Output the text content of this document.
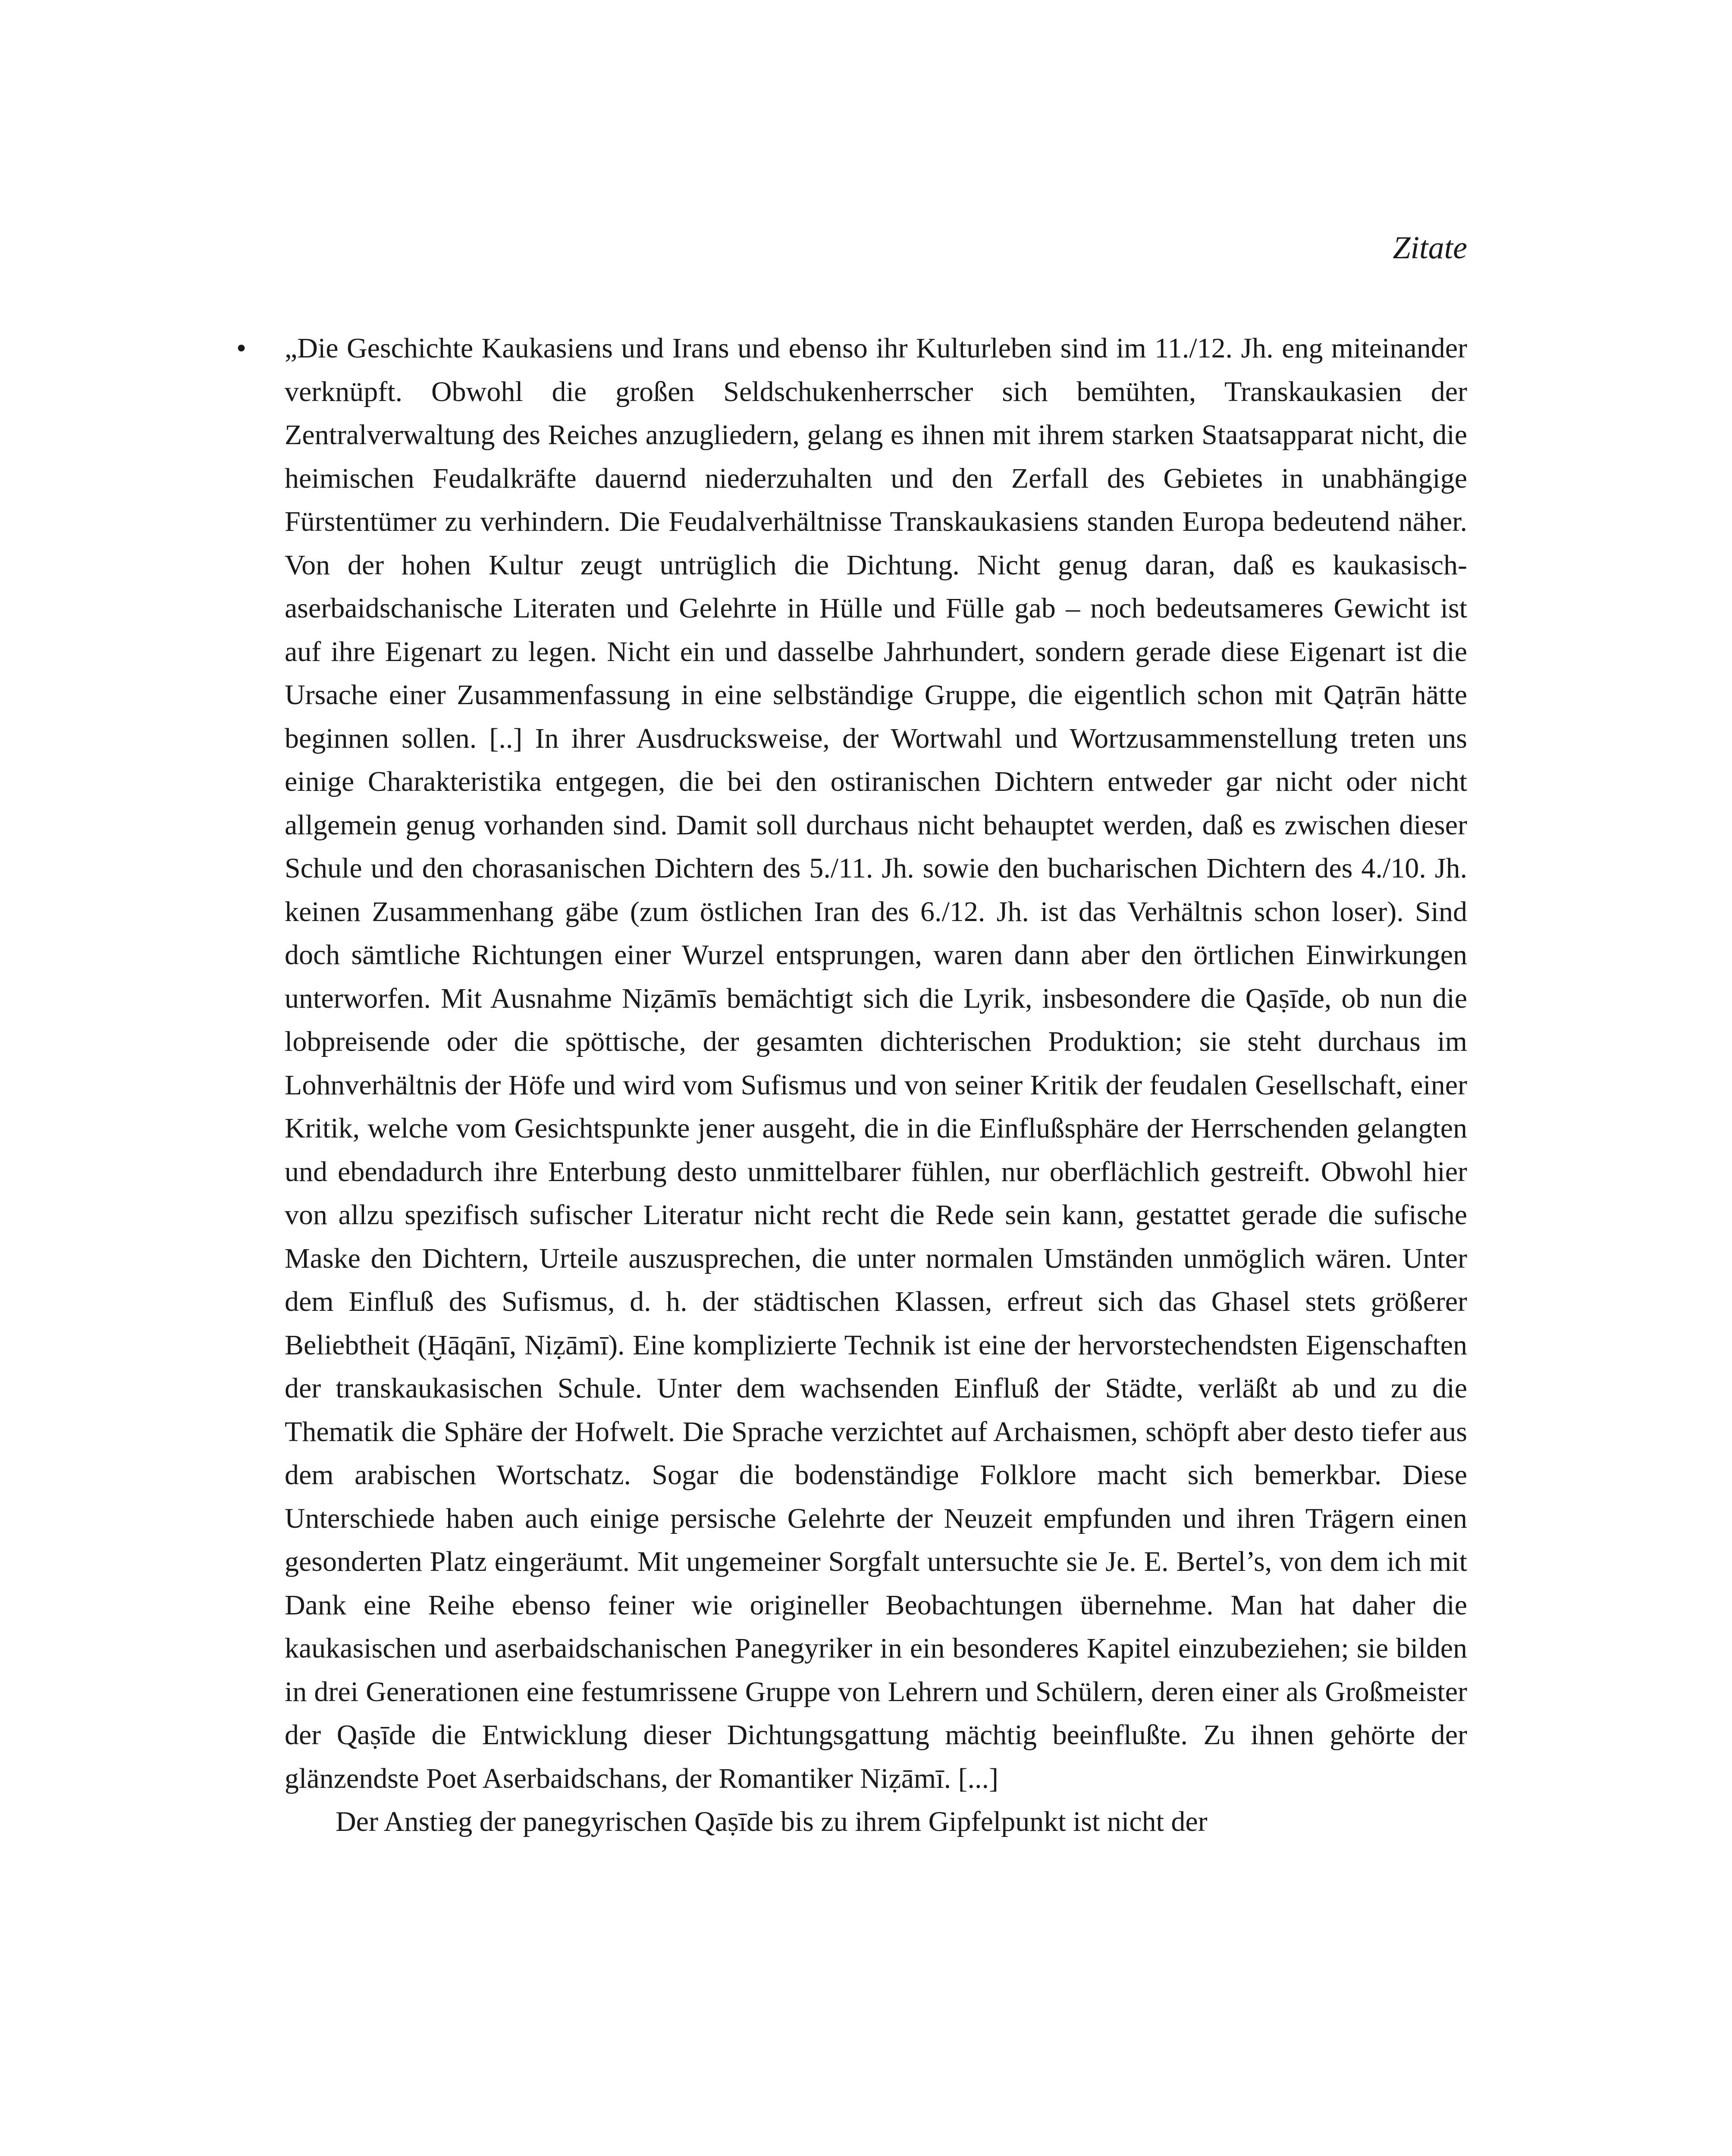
Zitate
• „Die Geschichte Kaukasiens und Irans und ebenso ihr Kulturleben sind im 11./12. Jh. eng miteinander verknüpft. Obwohl die großen Seldschukenherrscher sich bemühten, Transkaukasien der Zentralverwaltung des Reiches anzugliedern, gelang es ihnen mit ihrem starken Staatsapparat nicht, die heimischen Feudalkräfte dauernd niederzuhalten und den Zerfall des Gebietes in unabhängige Fürstentümer zu verhindern. Die Feudalverhältnisse Transkaukasiens standen Europa bedeutend näher. Von der hohen Kultur zeugt untrüglich die Dichtung. Nicht genug daran, daß es kaukasisch-aserbaidschanische Literaten und Gelehrte in Hülle und Fülle gab – noch bedeutsameres Gewicht ist auf ihre Eigenart zu legen. Nicht ein und dasselbe Jahrhundert, sondern gerade diese Eigenart ist die Ursache einer Zusammenfassung in eine selbständige Gruppe, die eigentlich schon mit Qaṭrān hätte beginnen sollen. [..] In ihrer Ausdrucksweise, der Wortwahl und Wortzusammenstellung treten uns einige Charakteristika entgegen, die bei den ostiranischen Dichtern entweder gar nicht oder nicht allgemein genug vorhanden sind. Damit soll durchaus nicht behauptet werden, daß es zwischen dieser Schule und den chorasanischen Dichtern des 5./11. Jh. sowie den bucharischen Dichtern des 4./10. Jh. keinen Zusammenhang gäbe (zum östlichen Iran des 6./12. Jh. ist das Verhältnis schon loser). Sind doch sämtliche Richtungen einer Wurzel entsprungen, waren dann aber den örtlichen Einwirkungen unterworfen. Mit Ausnahme Niẓāmīs bemächtigt sich die Lyrik, insbesondere die Qaṣīde, ob nun die lobpreisende oder die spöttische, der gesamten dichterischen Produktion; sie steht durchaus im Lohnverhältnis der Höfe und wird vom Sufismus und von seiner Kritik der feudalen Gesellschaft, einer Kritik, welche vom Gesichtspunkte jener ausgeht, die in die Einflußsphäre der Herrschenden gelangten und ebendadurch ihre Enterbung desto unmittelbarer fühlen, nur oberflächlich gestreift. Obwohl hier von allzu spezifisch sufischer Literatur nicht recht die Rede sein kann, gestattet gerade die sufische Maske den Dichtern, Urteile auszusprechen, die unter normalen Umständen unmöglich wären. Unter dem Einfluß des Sufismus, d. h. der städtischen Klassen, erfreut sich das Ghasel stets größerer Beliebtheit (Ḫāqānī, Niẓāmī). Eine komplizierte Technik ist eine der hervorstechendsten Eigenschaften der transkaukasischen Schule. Unter dem wachsenden Einfluß der Städte, verläßt ab und zu die Thematik die Sphäre der Hofwelt. Die Sprache verzichtet auf Archaismen, schöpft aber desto tiefer aus dem arabischen Wortschatz. Sogar die bodenständige Folklore macht sich bemerkbar. Diese Unterschiede haben auch einige persische Gelehrte der Neuzeit empfunden und ihren Trägern einen gesonderten Platz eingeräumt. Mit ungemeiner Sorgfalt untersuchte sie Je. E. Bertel’s, von dem ich mit Dank eine Reihe ebenso feiner wie origineller Beobachtungen übernehme. Man hat daher die kaukasischen und aserbaidschanischen Panegyriker in ein besonderes Kapitel einzubeziehen; sie bilden in drei Generationen eine festumrissene Gruppe von Lehrern und Schülern, deren einer als Großmeister der Qaṣīde die Entwicklung dieser Dichtungsgattung mächtig beeinflußte. Zu ihnen gehörte der glänzendste Poet Aserbaidschans, der Romantiker Niẓāmī. [...]

Der Anstieg der panegyrischen Qaṣīde bis zu ihrem Gipfelpunkt ist nicht der
